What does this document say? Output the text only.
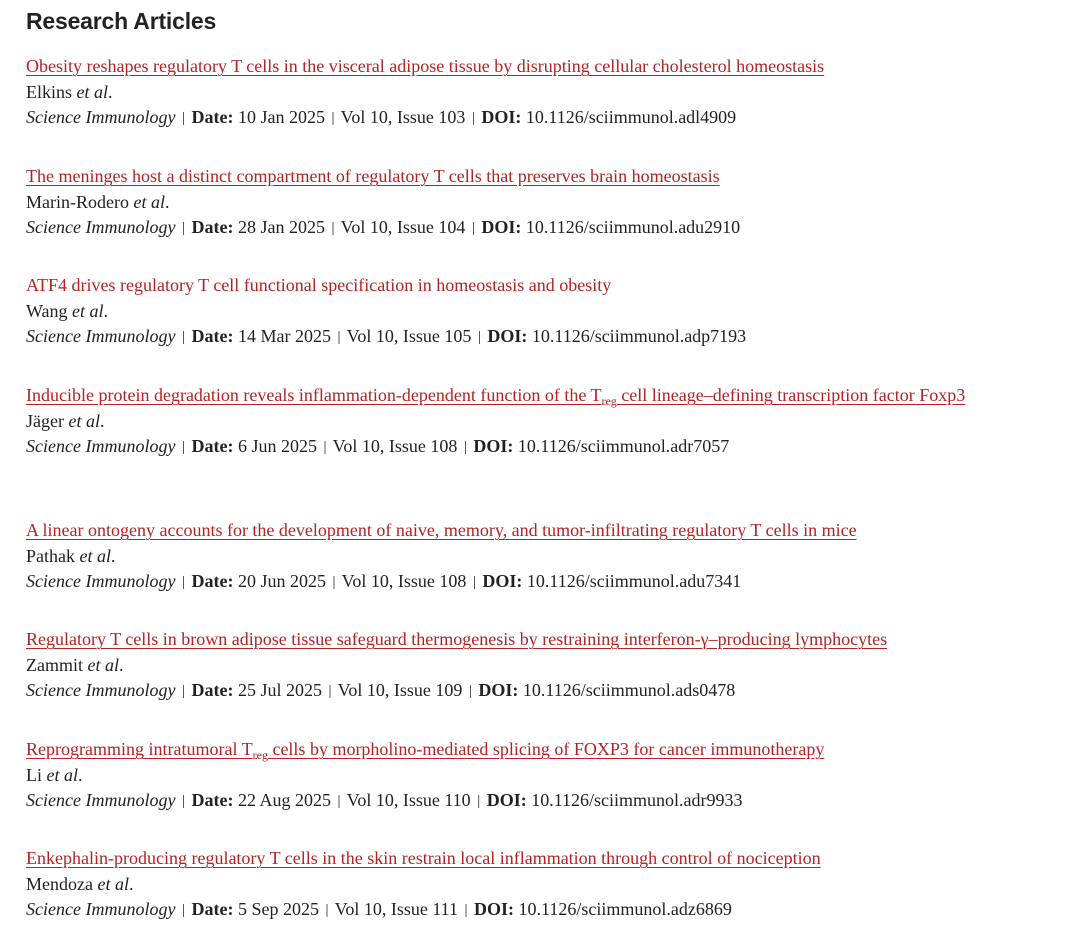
Research Articles
Obesity reshapes regulatory T cells in the visceral adipose tissue by disrupting cellular cholesterol homeostasis
Elkins et al.
Science Immunology | Date: 10 Jan 2025 | Vol 10, Issue 103 | DOI: 10.1126/sciimmunol.adl4909
The meninges host a distinct compartment of regulatory T cells that preserves brain homeostasis
Marin-Rodero et al.
Science Immunology | Date: 28 Jan 2025 | Vol 10, Issue 104 | DOI: 10.1126/sciimmunol.adu2910
ATF4 drives regulatory T cell functional specification in homeostasis and obesity
Wang et al.
Science Immunology | Date: 14 Mar 2025 | Vol 10, Issue 105 | DOI: 10.1126/sciimmunol.adp7193
Inducible protein degradation reveals inflammation-dependent function of the $T_{reg}$ cell lineage–defining transcription factor Foxp3
Jäger et al.
Science Immunology | Date: 6 Jun 2025 | Vol 10, Issue 108 | DOI: 10.1126/sciimmunol.adr7057
A linear ontogeny accounts for the development of naive, memory, and tumor-infiltrating regulatory T cells in mice
Pathak et al.
Science Immunology | Date: 20 Jun 2025 | Vol 10, Issue 108 | DOI: 10.1126/sciimmunol.adu7341
Regulatory T cells in brown adipose tissue safeguard thermogenesis by restraining interferon-γ–producing lymphocytes
Zammit et al.
Science Immunology | Date: 25 Jul 2025 | Vol 10, Issue 109 | DOI: 10.1126/sciimmunol.ads0478
Reprogramming intratumoral $T_{reg}$ cells by morpholino-mediated splicing of FOXP3 for cancer immunotherapy
Li et al.
Science Immunology | Date: 22 Aug 2025 | Vol 10, Issue 110 | DOI: 10.1126/sciimmunol.adr9933
Enkephalin-producing regulatory T cells in the skin restrain local inflammation through control of nociception
Mendoza et al.
Science Immunology | Date: 5 Sep 2025 | Vol 10, Issue 111 | DOI: 10.1126/sciimmunol.adz6869
